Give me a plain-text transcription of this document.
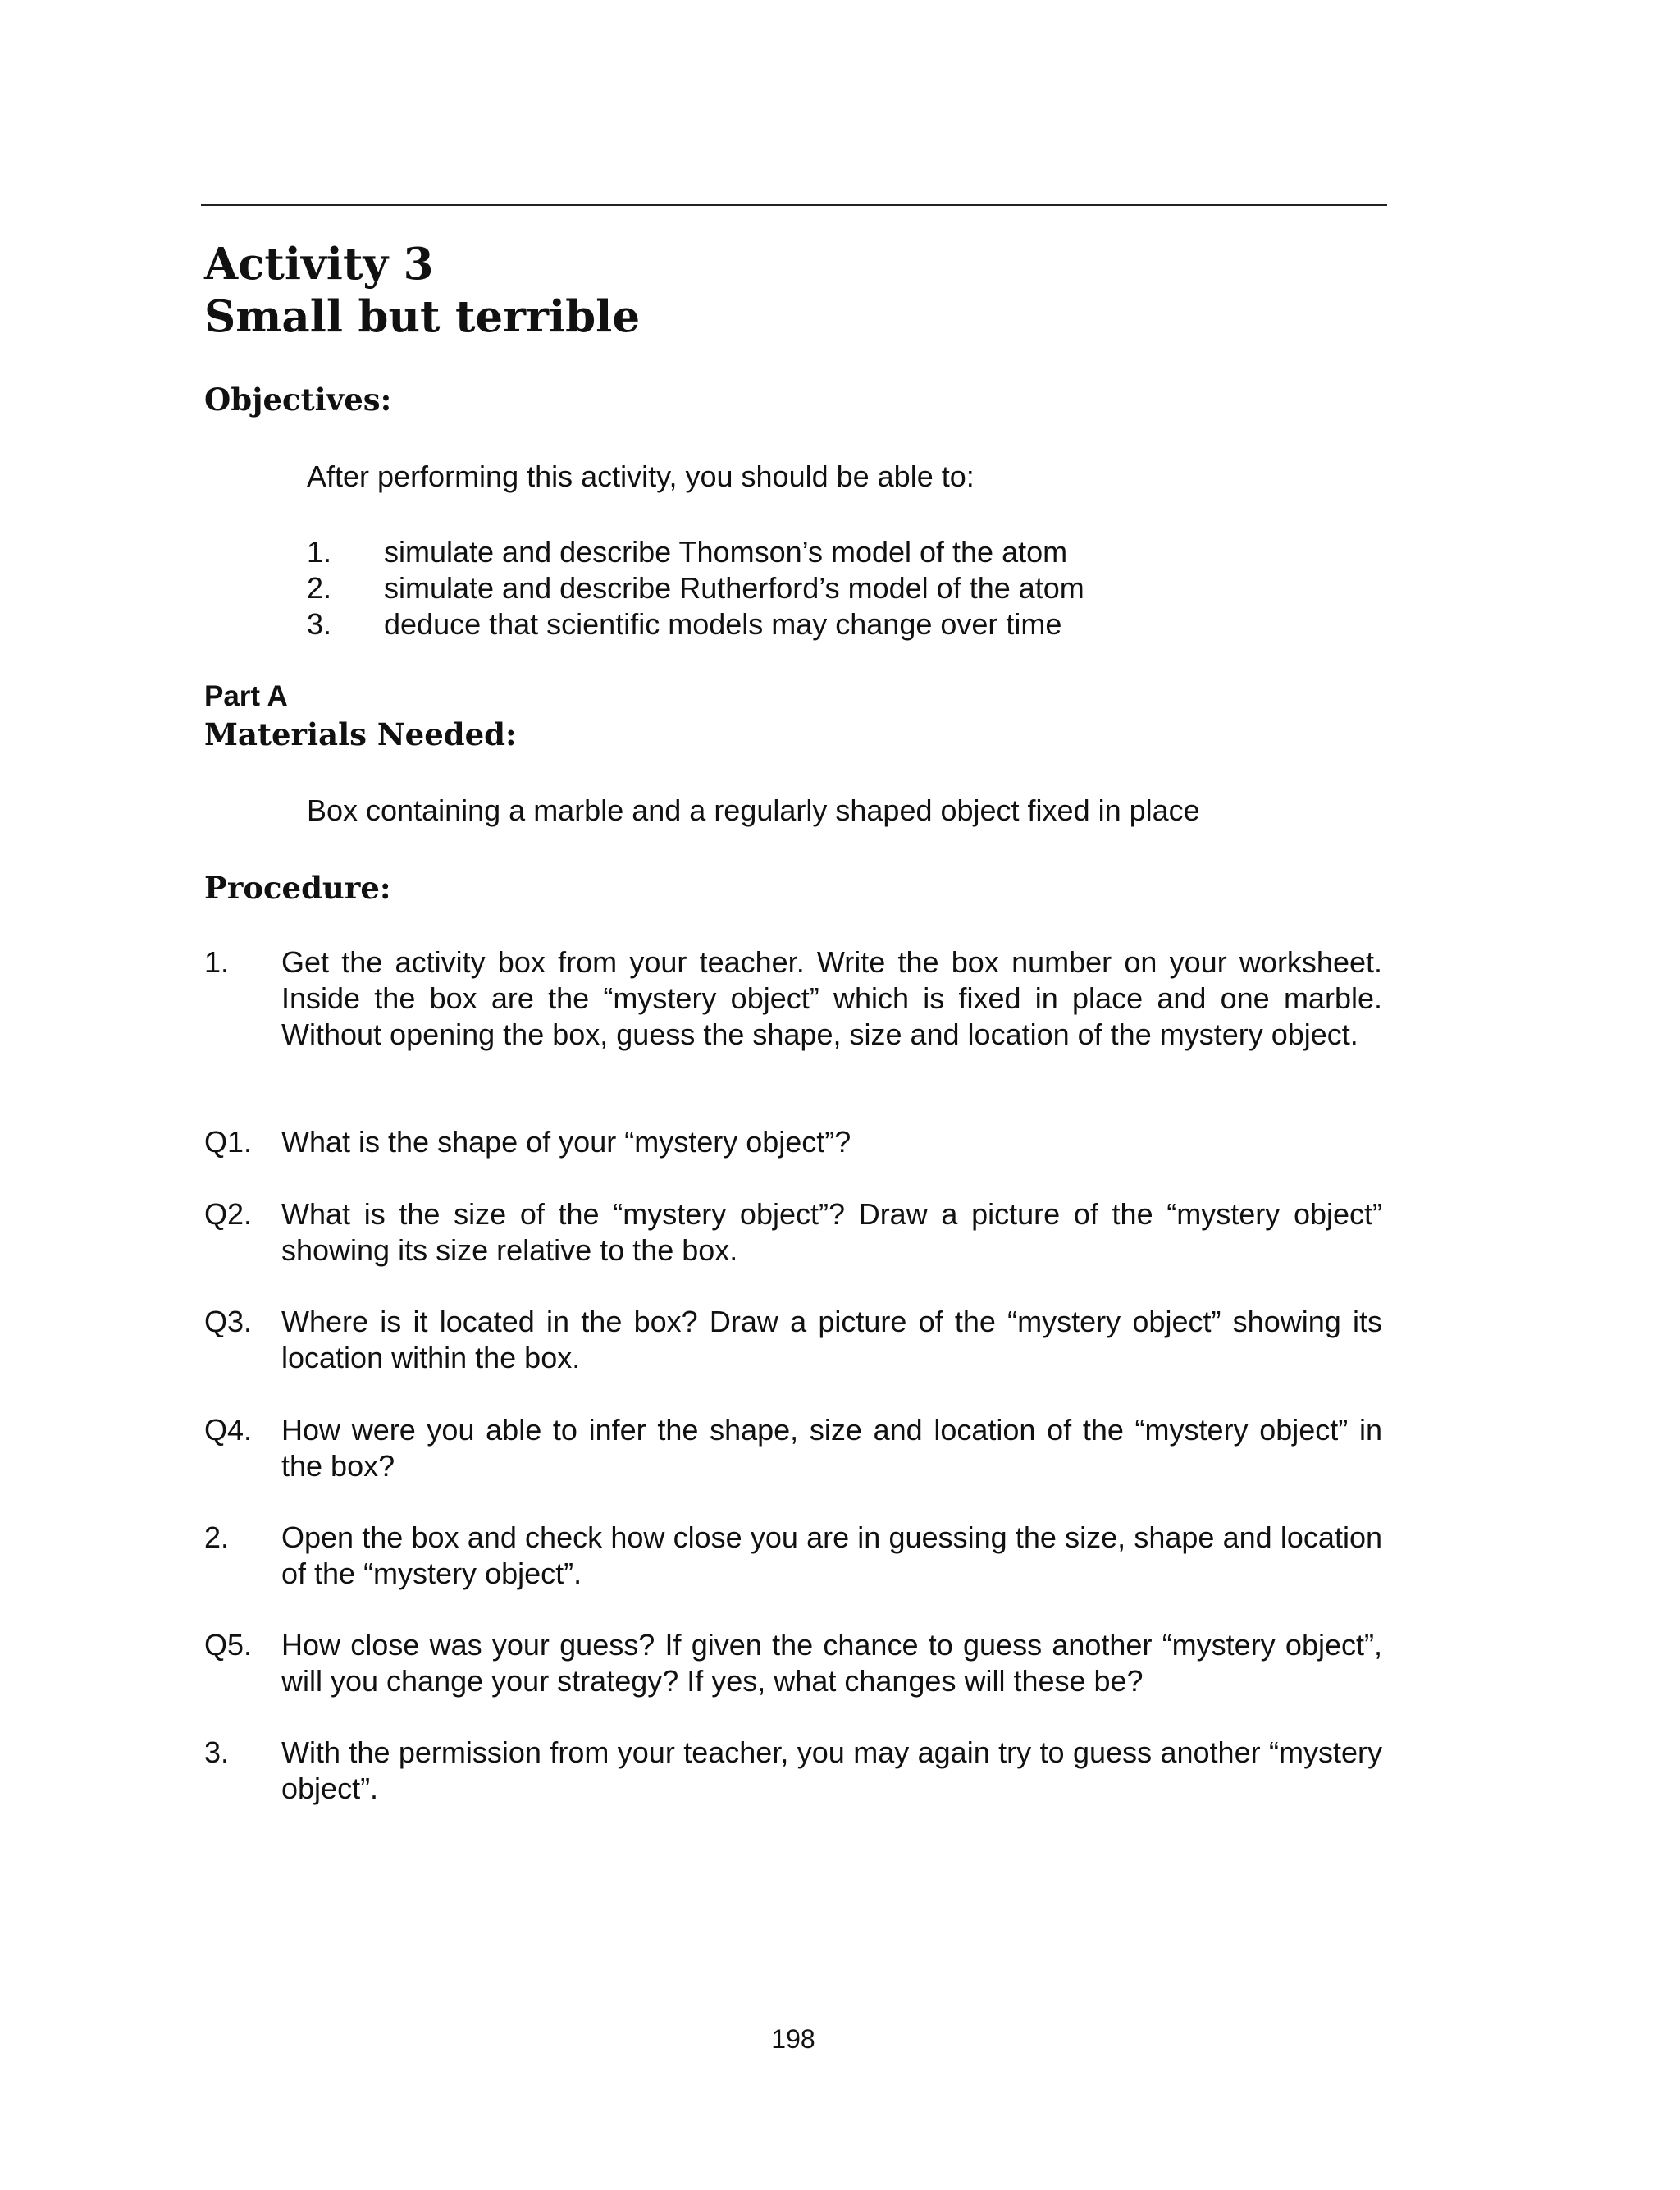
Activity 3
Small but terrible
Objectives:
After performing this activity, you should be able to:
1.	simulate and describe Thomson’s model of the atom
2.	simulate and describe Rutherford’s model of the atom
3.	deduce that scientific models may change over time
Part A
Materials Needed:
Box containing a marble and a regularly shaped object fixed in place
Procedure:
1.	Get the activity box from your teacher. Write the box number on your worksheet. Inside the box are the “mystery object” which is fixed in place and one marble. Without opening the box, guess the shape, size and location of the mystery object.
Q1. What is the shape of your “mystery object”?
Q2. What is the size of the “mystery object”? Draw a picture of the “mystery object” showing its size relative to the box.
Q3. Where is it located in the box? Draw a picture of the “mystery object” showing its location within the box.
Q4. How were you able to infer the shape, size and location of the “mystery object” in the box?
2.	Open the box and check how close you are in guessing the size, shape and location of the “mystery object”.
Q5. How close was your guess? If given the chance to guess another “mystery object”, will you change your strategy? If yes, what changes will these be?
3.	With the permission from your teacher, you may again try to guess another “mystery object”.
198
